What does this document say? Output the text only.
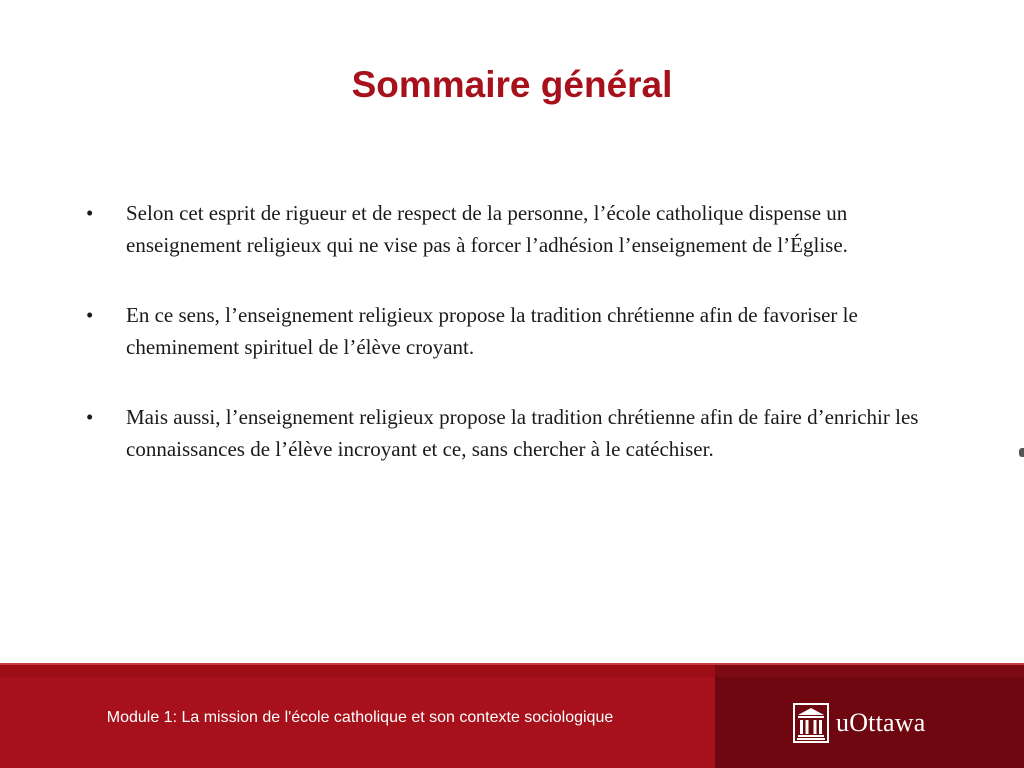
Sommaire général
•	Selon cet esprit de rigueur et de respect de la personne, l’école catholique dispense un enseignement religieux qui ne vise pas à forcer l’adhésion l’enseignement de l’Église.
•	En ce sens, l’enseignement religieux propose la tradition chrétienne afin de favoriser le cheminement spirituel de l’élève croyant.
•	Mais aussi, l’enseignement religieux propose la tradition chrétienne afin de faire d’enrichir les connaissances de l’élève incroyant et ce, sans chercher à le catéchiser.

Module 1: La mission de l'école catholique et son contexte sociologique	uOttawa
